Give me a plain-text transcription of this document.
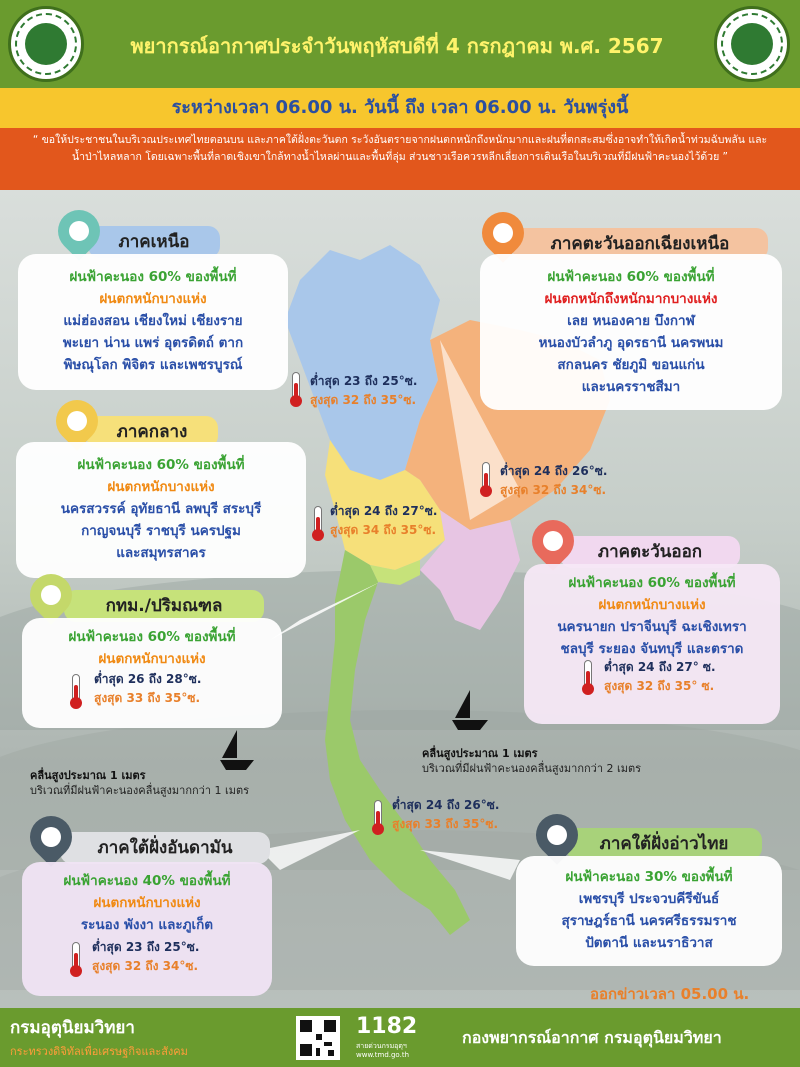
พยากรณ์อากาศประจำวันพฤหัสบดีที่ 4 กรกฎาคม พ.ศ. 2567
ระหว่างเวลา 06.00 น. วันนี้ ถึง เวลา 06.00 น. วันพรุ่งนี้
“ ขอให้ประชาชนในบริเวณประเทศไทยตอนบน และภาคใต้ฝั่งตะวันตก ระวังอันตรายจากฝนตกหนักถึงหนักมากและฝนที่ตกสะสมซึ่งอาจทำให้เกิดน้ำท่วมฉับพลัน และน้ำป่าไหลหลาก โดยเฉพาะพื้นที่ลาดเชิงเขาใกล้ทางน้ำไหลผ่านและพื้นที่ลุ่ม ส่วนชาวเรือควรหลีกเลี่ยงการเดินเรือในบริเวณที่มีฝนฟ้าคะนองไว้ด้วย ”
ภาคเหนือ
ฝนฟ้าคะนอง 60% ของพื้นที่
ฝนตกหนักบางแห่ง
แม่ฮ่องสอน เชียงใหม่ เชียงราย
พะเยา น่าน แพร่ อุตรดิตถ์ ตาก
พิษณุโลก พิจิตร และเพชรบูรณ์
ต่ำสุด 23 ถึง 25°ซ.
สูงสุด 32 ถึง 35°ซ.
ภาคตะวันออกเฉียงเหนือ
ฝนฟ้าคะนอง 60% ของพื้นที่
ฝนตกหนักถึงหนักมากบางแห่ง
เลย หนองคาย บึงกาฬ
หนองบัวลำภู อุดรธานี นครพนม
สกลนคร ชัยภูมิ ขอนแก่น
และนครราชสีมา
ต่ำสุด 24 ถึง 26°ซ.
สูงสุด 32 ถึง 34°ซ.
ภาคกลาง
ฝนฟ้าคะนอง 60% ของพื้นที่
ฝนตกหนักบางแห่ง
นครสวรรค์ อุทัยธานี ลพบุรี สระบุรี
กาญจนบุรี ราชบุรี นครปฐม
และสมุทรสาคร
ต่ำสุด 24 ถึง 27°ซ.
สูงสุด 34 ถึง 35°ซ.
ภาคตะวันออก
ฝนฟ้าคะนอง 60% ของพื้นที่
ฝนตกหนักบางแห่ง
นครนายก ปราจีนบุรี ฉะเชิงเทรา
ชลบุรี ระยอง จันทบุรี และตราด
ต่ำสุด 24 ถึง 27° ซ.
สูงสุด 32 ถึง 35° ซ.
กทม./ปริมณฑล
ฝนฟ้าคะนอง 60% ของพื้นที่
ฝนตกหนักบางแห่ง
ต่ำสุด 26 ถึง 28°ซ.
สูงสุด 33 ถึง 35°ซ.
คลื่นสูงประมาณ 1 เมตร
บริเวณที่มีฝนฟ้าคะนองคลื่นสูงมากกว่า 2 เมตร
คลื่นสูงประมาณ 1 เมตร
บริเวณที่มีฝนฟ้าคะนองคลื่นสูงมากกว่า 1 เมตร
ต่ำสุด 24 ถึง 26°ซ.
สูงสุด 33 ถึง 35°ซ.
ภาคใต้ฝั่งอันดามัน
ฝนฟ้าคะนอง 40% ของพื้นที่
ฝนตกหนักบางแห่ง
ระนอง พังงา และภูเก็ต
ต่ำสุด 23 ถึง 25°ซ.
สูงสุด 32 ถึง 34°ซ.
ภาคใต้ฝั่งอ่าวไทย
ฝนฟ้าคะนอง 30% ของพื้นที่
เพชรบุรี ประจวบคีรีขันธ์
สุราษฎร์ธานี นครศรีธรรมราช
ปัตตานี และนราธิวาส
ออกข่าวเวลา 05.00 น.
กรมอุตุนิยมวิทยา
กระทรวงดิจิทัลเพื่อเศรษฐกิจและสังคม
1182
สายด่วนกรมอุตุฯ
www.tmd.go.th
กองพยากรณ์อากาศ กรมอุตุนิยมวิทยา
